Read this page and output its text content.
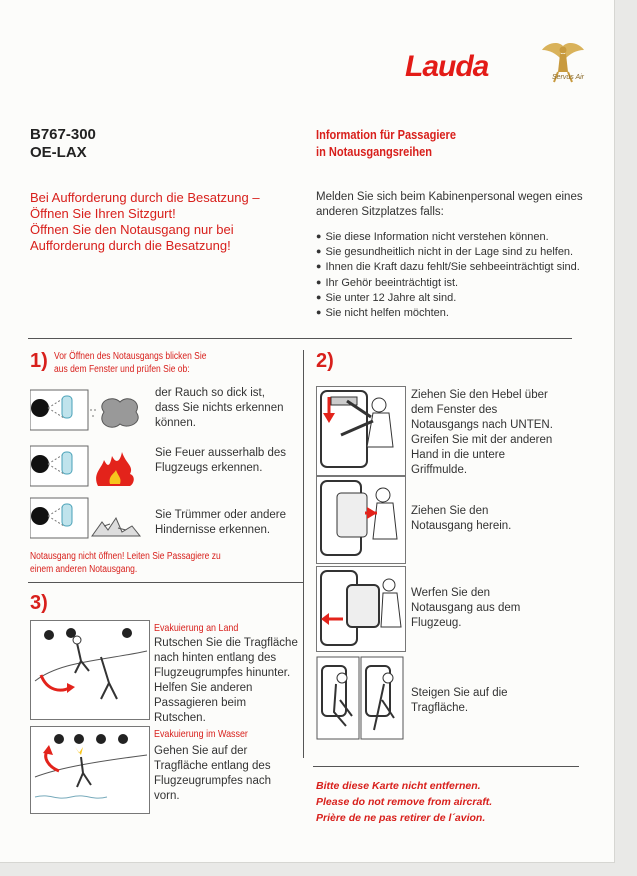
Lauda	Servus Air
B767-300
OE-LAX
Information für Passagiere
in Notausgangsreihen
Bei Aufforderung durch die Besatzung –
Öffnen Sie Ihren Sitzgurt!
Öffnen Sie den Notausgang nur bei
Aufforderung durch die Besatzung!
Melden Sie sich beim Kabinenpersonal wegen eines anderen Sitzplatzes falls:
● Sie diese Information nicht verstehen können.
● Sie gesundheitlich nicht in der Lage sind zu helfen.
● Ihnen die Kraft dazu fehlt/Sie sehbeeinträchtigt sind.
● Ihr Gehör beeinträchtigt ist.
● Sie unter 12 Jahre alt sind.
● Sie nicht helfen möchten.
1) Vor Öffnen des Notausgangs blicken Sie
aus dem Fenster und prüfen Sie ob:
der Rauch so dick ist, dass Sie nichts erkennen können.
Sie Feuer ausserhalb des Flugzeugs erkennen.
Sie Trümmer oder andere Hindernisse erkennen.
Notausgang nicht öffnen! Leiten Sie Passagiere zu
einem anderen Notausgang.
3)
Evakuierung an Land
Rutschen Sie die Tragfläche nach hinten entlang des Flugzeugrumpfes hinunter. Helfen Sie anderen Passagieren beim Rutschen.
Evakuierung im Wasser
Gehen Sie auf der Tragfläche entlang des Flugzeugrumpfes nach vorn.
2)
Ziehen Sie den Hebel über dem Fenster des Notausgangs nach UNTEN. Greifen Sie mit der anderen Hand in die untere Griffmulde.
Ziehen Sie den Notausgang herein.
Werfen Sie den Notausgang aus dem Flugzeug.
Steigen Sie auf die Tragfläche.
Bitte diese Karte nicht entfernen.
Please do not remove from aircraft.
Prière de ne pas retirer de l´avion.
